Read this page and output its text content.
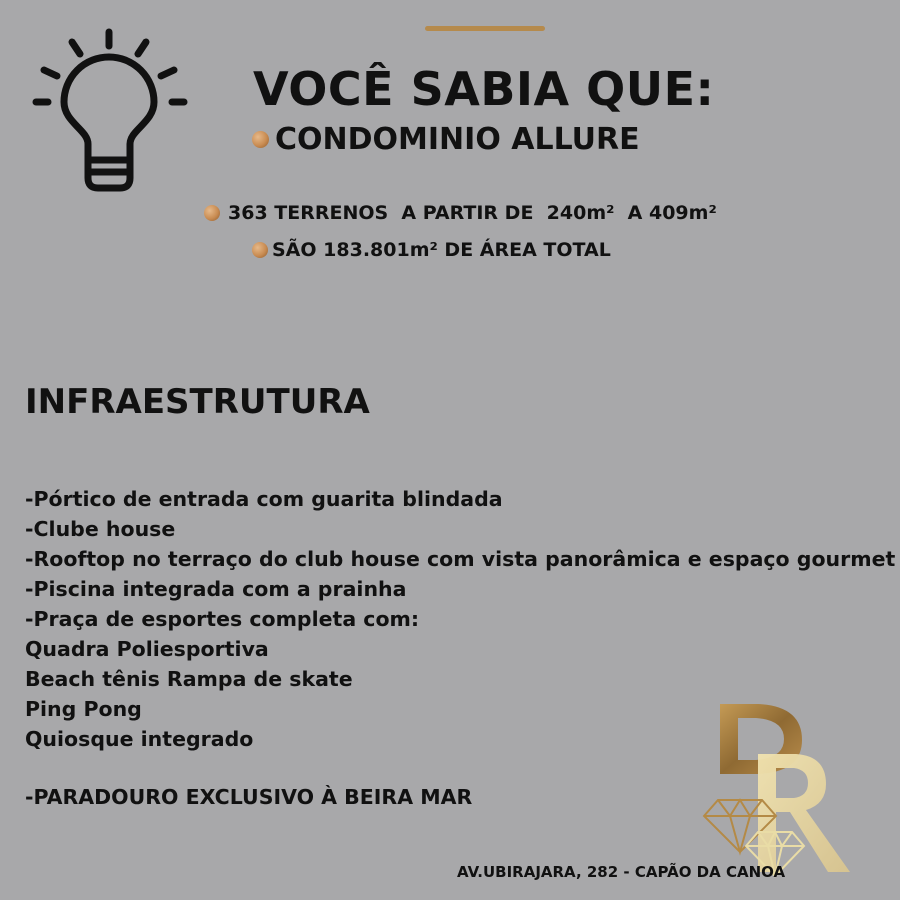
VOCÊ SABIA QUE:
CONDOMINIO ALLURE
363 TERRENOS  A PARTIR DE  240m²  A 409m²
SÃO 183.801m² DE ÁREA TOTAL
INFRAESTRUTURA
-Pórtico de entrada com guarita blindada
-Clube house
-Rooftop no terraço do club house com vista panorâmica e espaço gourmet
-Piscina integrada com a prainha
-Praça de esportes completa com:
Quadra Poliesportiva
Beach tênis Rampa de skate
Ping Pong
Quiosque integrado

-PARADOURO EXCLUSIVO À BEIRA MAR

AV.UBIRAJARA, 282 - CAPÃO DA CANOA
